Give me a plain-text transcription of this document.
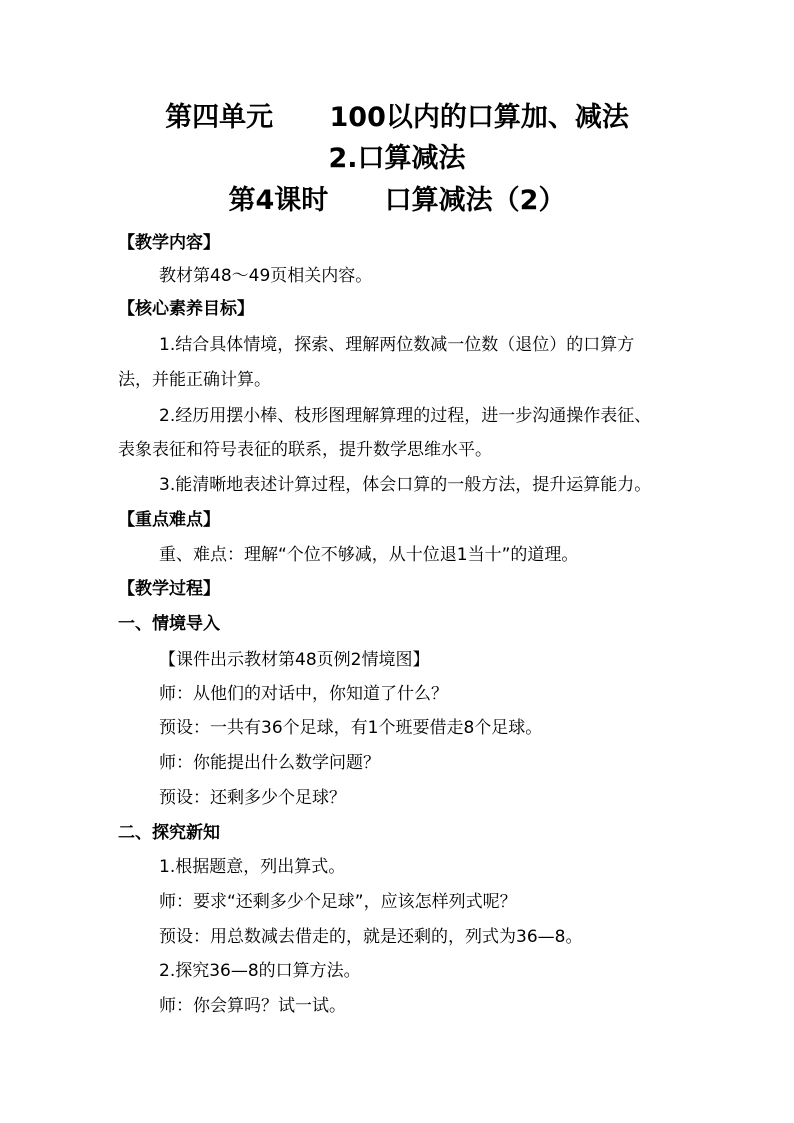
第四单元      100以内的口算加、减法
2.口算减法
第4课时      口算减法（2）
【教学内容】
教材第48～49页相关内容。
【核心素养目标】
1.结合具体情境，探索、理解两位数减一位数（退位）的口算方
法，并能正确计算。
2.经历用摆小棒、枝形图理解算理的过程，进一步沟通操作表征、
表象表征和符号表征的联系，提升数学思维水平。
3.能清晰地表述计算过程，体会口算的一般方法，提升运算能力。
【重点难点】
重、难点：理解“个位不够减，从十位退1当十”的道理。
【教学过程】
一、情境导入
【课件出示教材第48页例2情境图】
师：从他们的对话中，你知道了什么？
预设：一共有36个足球，有1个班要借走8个足球。
师：你能提出什么数学问题？
预设：还剩多少个足球？
二、探究新知
1.根据题意，列出算式。
师：要求“还剩多少个足球”，应该怎样列式呢？
预设：用总数减去借走的，就是还剩的，列式为36—8。
2.探究36—8的口算方法。
师：你会算吗？试一试。
